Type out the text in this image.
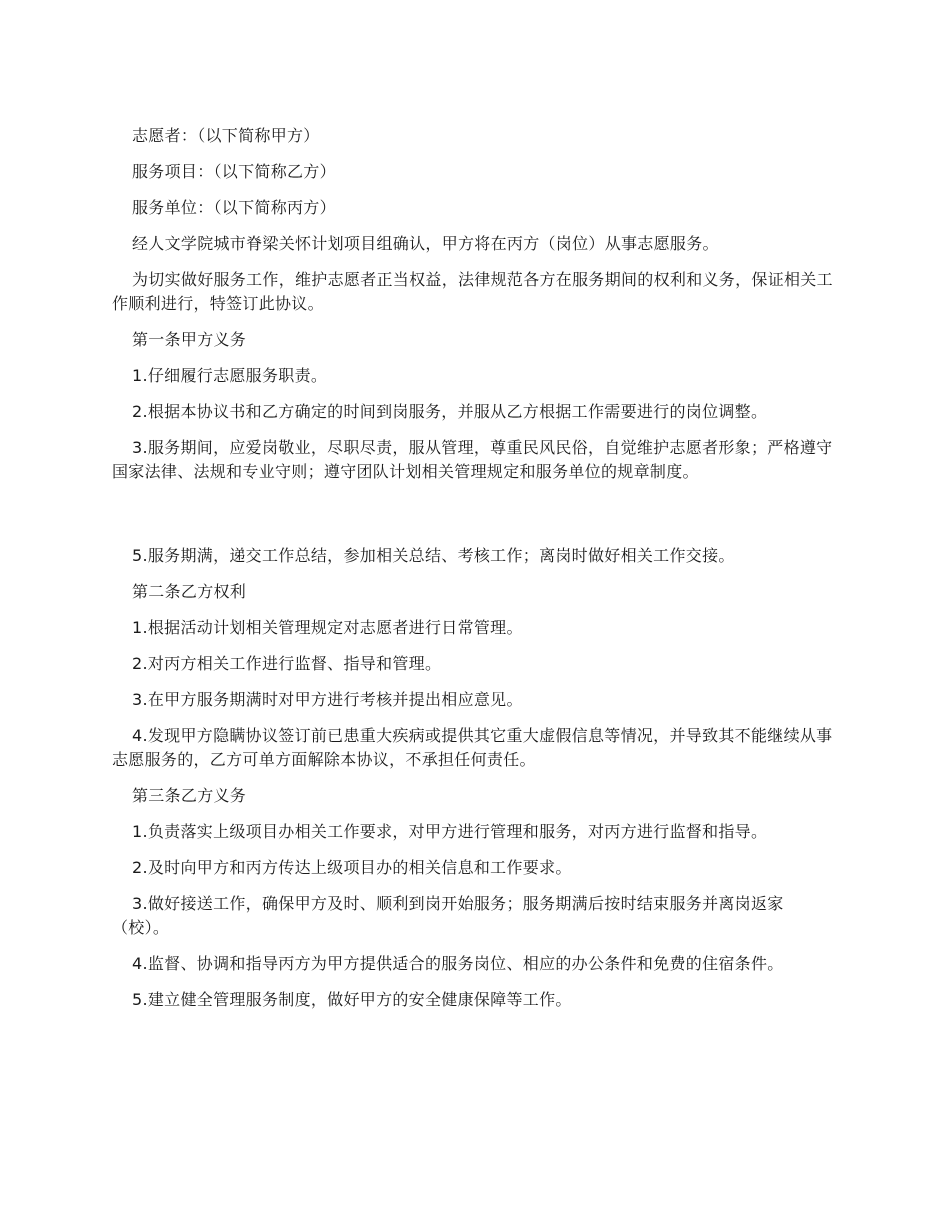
志愿者：（以下简称甲方）

服务项目：（以下简称乙方）

服务单位：（以下简称丙方）

经人文学院城市脊梁关怀计划项目组确认，甲方将在丙方（岗位）从事志愿服务。

为切实做好服务工作，维护志愿者正当权益，法律规范各方在服务期间的权利和义务，保证相关工作顺利进行，特签订此协议。

第一条甲方义务

1.仔细履行志愿服务职责。

2.根据本协议书和乙方确定的时间到岗服务，并服从乙方根据工作需要进行的岗位调整。

3.服务期间，应爱岗敬业，尽职尽责，服从管理，尊重民风民俗，自觉维护志愿者形象；严格遵守国家法律、法规和专业守则；遵守团队计划相关管理规定和服务单位的规章制度。

5.服务期满，递交工作总结，参加相关总结、考核工作；离岗时做好相关工作交接。

第二条乙方权利

1.根据活动计划相关管理规定对志愿者进行日常管理。

2.对丙方相关工作进行监督、指导和管理。

3.在甲方服务期满时对甲方进行考核并提出相应意见。

4.发现甲方隐瞒协议签订前已患重大疾病或提供其它重大虚假信息等情况，并导致其不能继续从事志愿服务的，乙方可单方面解除本协议，不承担任何责任。

第三条乙方义务

1.负责落实上级项目办相关工作要求，对甲方进行管理和服务，对丙方进行监督和指导。

2.及时向甲方和丙方传达上级项目办的相关信息和工作要求。

3.做好接送工作，确保甲方及时、顺利到岗开始服务；服务期满后按时结束服务并离岗返家（校）。

4.监督、协调和指导丙方为甲方提供适合的服务岗位、相应的办公条件和免费的住宿条件。

5.建立健全管理服务制度，做好甲方的安全健康保障等工作。
